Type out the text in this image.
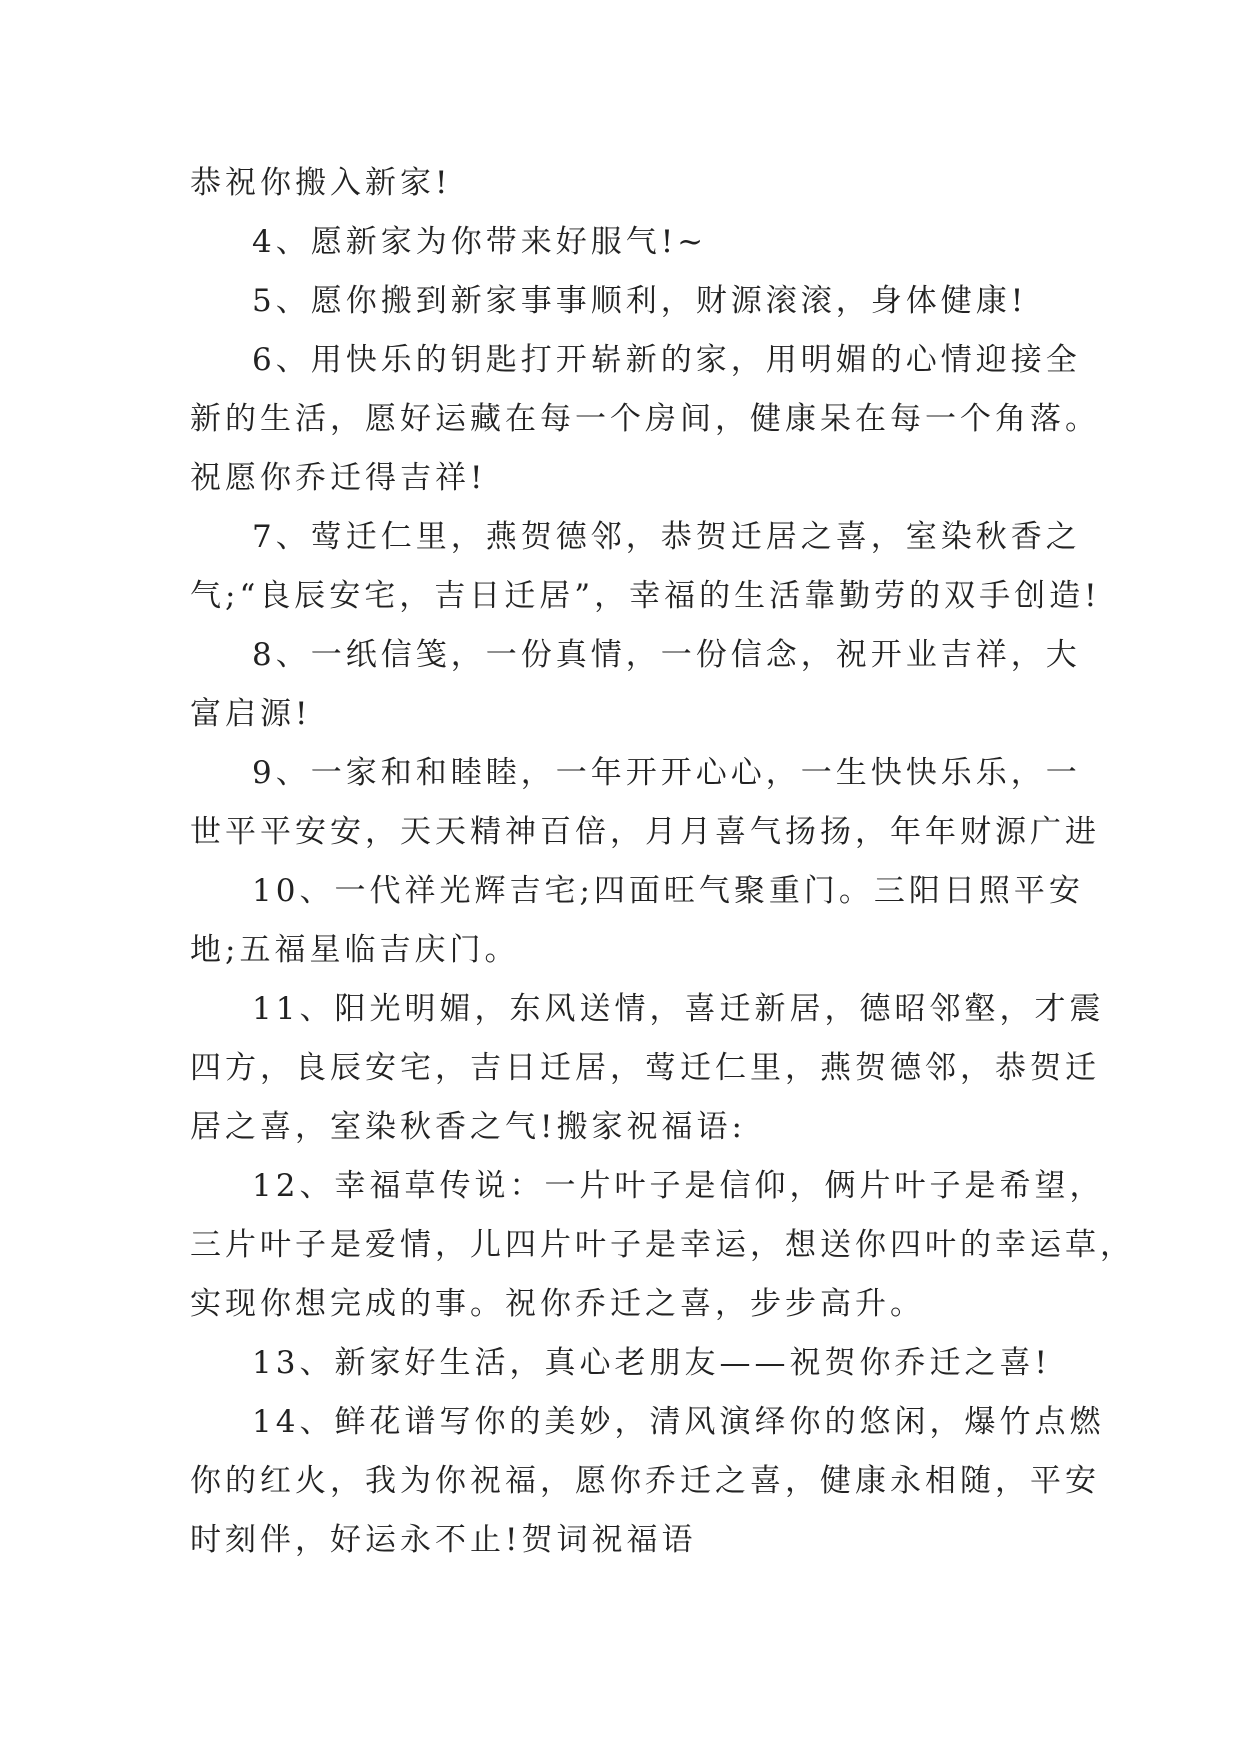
恭祝你搬入新家!
4、愿新家为你带来好服气!~
5、愿你搬到新家事事顺利，财源滚滚，身体健康!
6、用快乐的钥匙打开崭新的家，用明媚的心情迎接全
新的生活，愿好运藏在每一个房间，健康呆在每一个角落。
祝愿你乔迁得吉祥!
7、莺迁仁里，燕贺德邻，恭贺迁居之喜，室染秋香之
气;“良辰安宅，吉日迁居”，幸福的生活靠勤劳的双手创造!
8、一纸信笺，一份真情，一份信念，祝开业吉祥，大
富启源!
9、一家和和睦睦，一年开开心心，一生快快乐乐，一
世平平安安，天天精神百倍，月月喜气扬扬，年年财源广进
10、一代祥光辉吉宅;四面旺气聚重门。三阳日照平安
地;五福星临吉庆门。
11、阳光明媚，东风送情，喜迁新居，德昭邻壑，才震
四方，良辰安宅，吉日迁居，莺迁仁里，燕贺德邻，恭贺迁
居之喜，室染秋香之气!搬家祝福语:
12、幸福草传说：一片叶子是信仰，俩片叶子是希望，
三片叶子是爱情，儿四片叶子是幸运，想送你四叶的幸运草，
实现你想完成的事。祝你乔迁之喜，步步高升。
13、新家好生活，真心老朋友——祝贺你乔迁之喜!
14、鲜花谱写你的美妙，清风演绎你的悠闲，爆竹点燃
你的红火，我为你祝福，愿你乔迁之喜，健康永相随，平安
时刻伴，好运永不止!贺词祝福语
